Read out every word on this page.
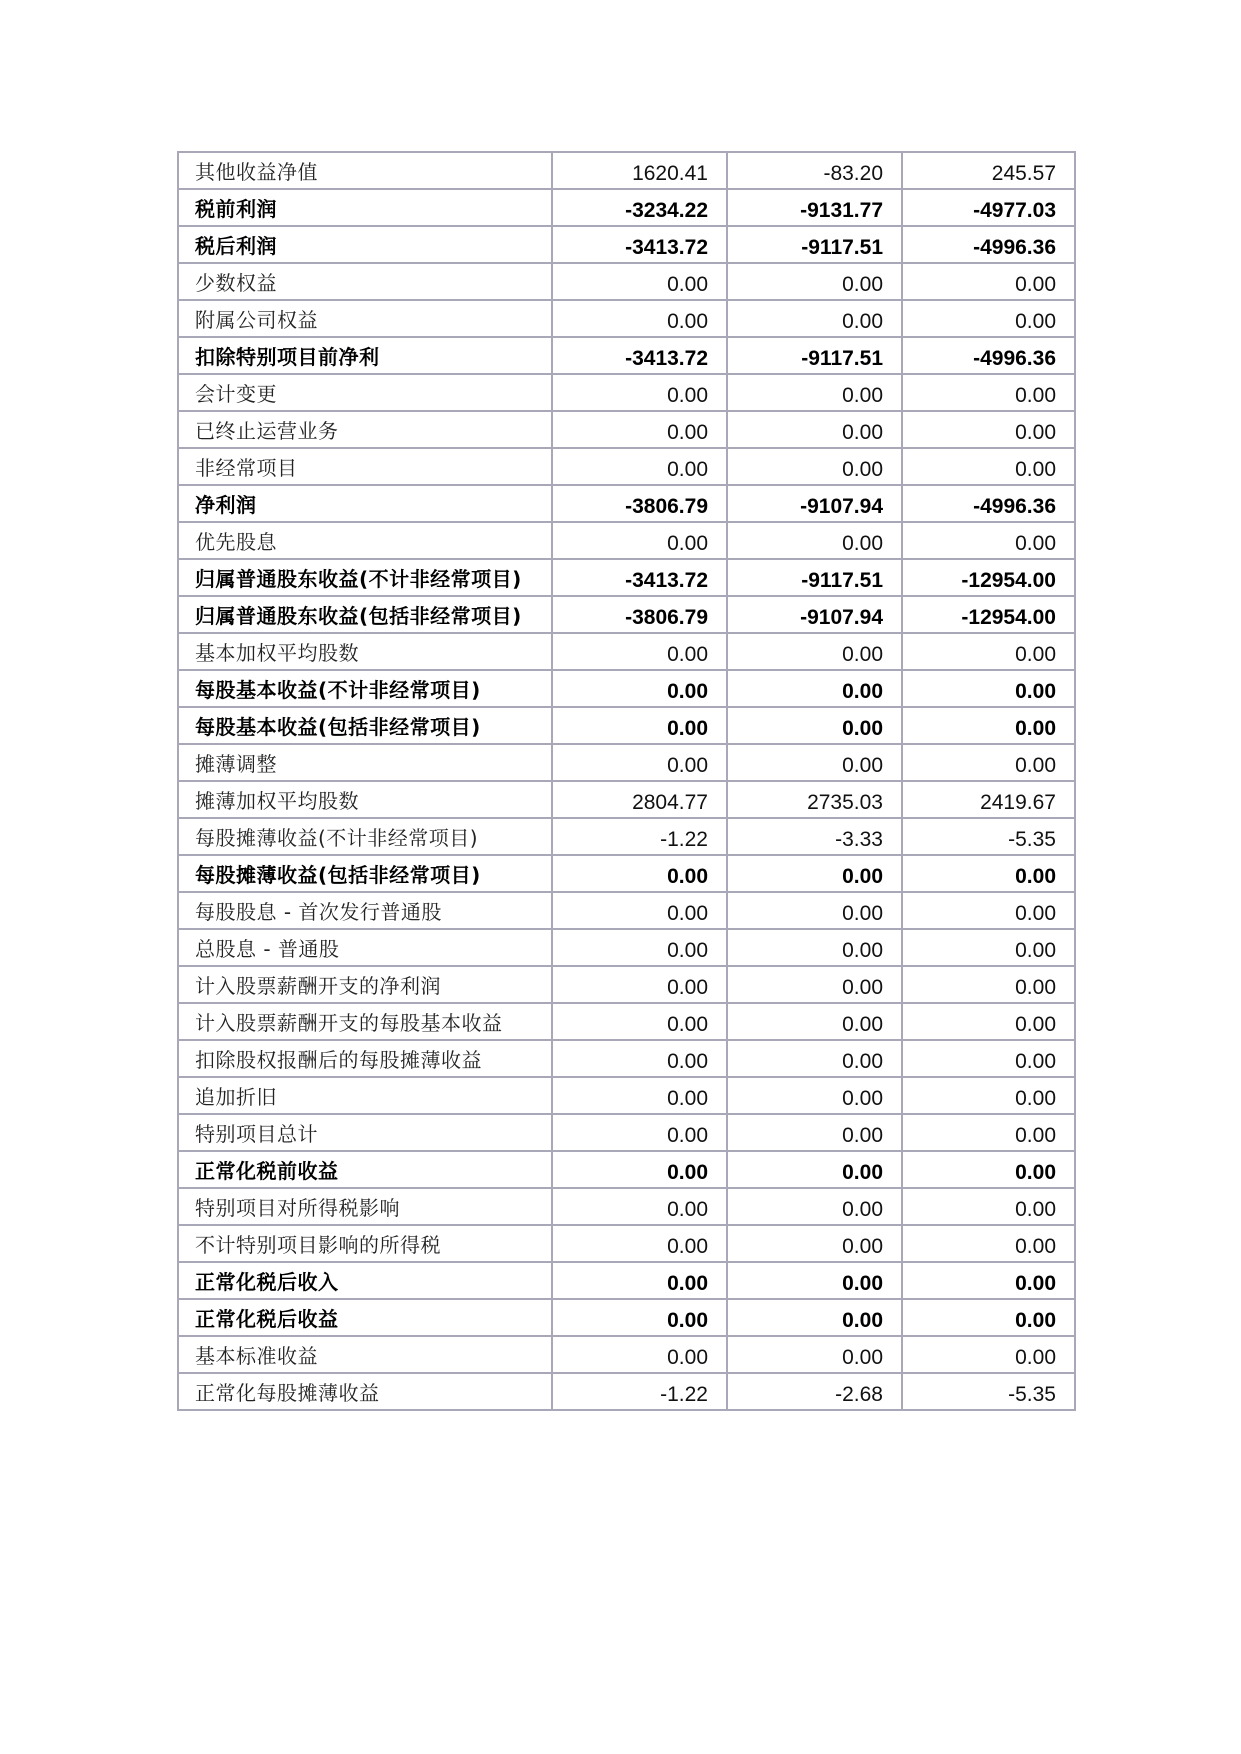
其他收益净值	1620.41	-83.20	245.57
税前利润	-3234.22	-9131.77	-4977.03
税后利润	-3413.72	-9117.51	-4996.36
少数权益	0.00	0.00	0.00
附属公司权益	0.00	0.00	0.00
扣除特别项目前净利	-3413.72	-9117.51	-4996.36
会计变更	0.00	0.00	0.00
已终止运营业务	0.00	0.00	0.00
非经常项目	0.00	0.00	0.00
净利润	-3806.79	-9107.94	-4996.36
优先股息	0.00	0.00	0.00
归属普通股东收益(不计非经常项目)	-3413.72	-9117.51	-12954.00
归属普通股东收益(包括非经常项目)	-3806.79	-9107.94	-12954.00
基本加权平均股数	0.00	0.00	0.00
每股基本收益(不计非经常项目)	0.00	0.00	0.00
每股基本收益(包括非经常项目)	0.00	0.00	0.00
摊薄调整	0.00	0.00	0.00
摊薄加权平均股数	2804.77	2735.03	2419.67
每股摊薄收益(不计非经常项目)	-1.22	-3.33	-5.35
每股摊薄收益(包括非经常项目)	0.00	0.00	0.00
每股股息 - 首次发行普通股	0.00	0.00	0.00
总股息 - 普通股	0.00	0.00	0.00
计入股票薪酬开支的净利润	0.00	0.00	0.00
计入股票薪酬开支的每股基本收益	0.00	0.00	0.00
扣除股权报酬后的每股摊薄收益	0.00	0.00	0.00
追加折旧	0.00	0.00	0.00
特别项目总计	0.00	0.00	0.00
正常化税前收益	0.00	0.00	0.00
特别项目对所得税影响	0.00	0.00	0.00
不计特别项目影响的所得税	0.00	0.00	0.00
正常化税后收入	0.00	0.00	0.00
正常化税后收益	0.00	0.00	0.00
基本标准收益	0.00	0.00	0.00
正常化每股摊薄收益	-1.22	-2.68	-5.35
